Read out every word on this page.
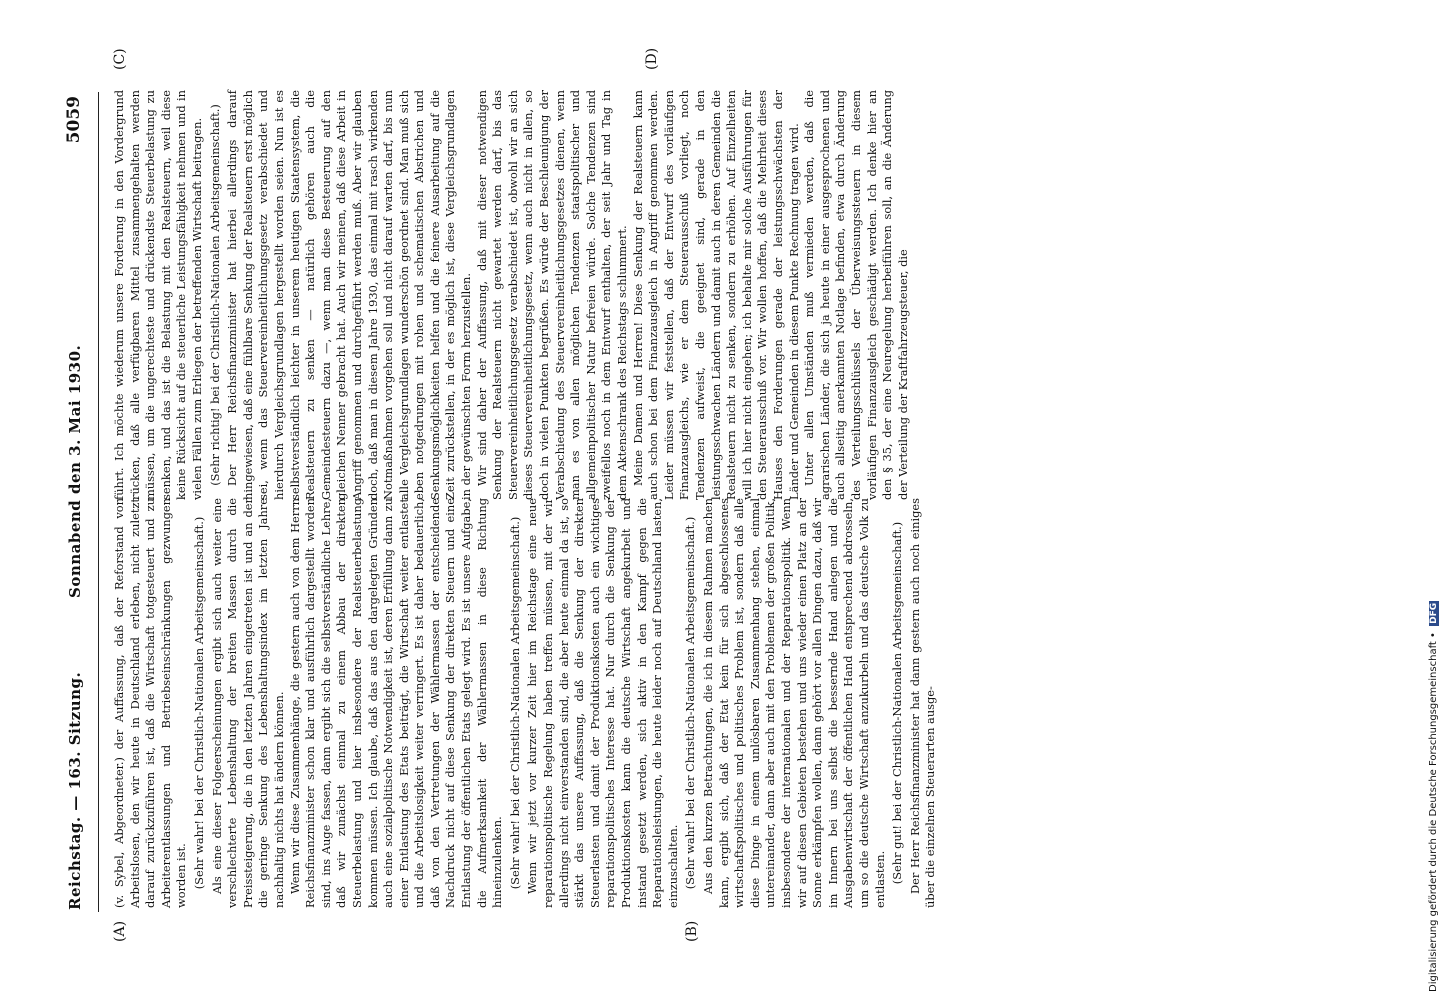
Reichstag. — 163. Sitzung.
Sonnabend den 3. Mai 1930.
5059
(A)	(B)
(C)	(D)

(v. Sybel, Abgeordneter.) der Auffassung, daß der Reforstand von Arbeitslosen, den wir heute in Deutschland erleben, nicht zuletzt darauf zurückzuführen ist, daß die Wirtschaft totgesteuert und zu Arbeiterentlassungen und Betriebseinschränkungen gezwungen worden ist. (Sehr wahr! bei der Christlich-Nationalen Arbeitsgemeinschaft.) Als eine dieser Folgeerscheinungen ergibt sich auch weiter eine verschlechterte Lebenshaltung der breiten Massen durch die Preissteigerung, die in den letzten Jahren eingetreten ist und an der die geringe Senkung des Lebenshaltungsindex im letzten Jahre nachhaltig nichts hat ändern können. Wenn wir diese Zusammenhänge, die gestern auch von dem Herrn Reichsfinanzminister schon klar und ausführlich dargestellt worden sind, ins Auge fassen, dann ergibt sich die selbstverständliche Lehre, daß wir zunächst einmal zu einem Abbau der direkten Steuerbelastung und hier insbesondere der Realsteuerbelastung kommen müssen. Ich glaube, daß das aus den dargelegten Gründen auch eine sozialpolitische Notwendigkeit ist, deren Erfüllung dann zu einer Entlastung des Etats beiträgt, die Wirtschaft weiter entlastet und die Arbeitslosigkeit weiter verringert. Es ist daher bedauerlich, daß von den Vertretungen der Wählermassen der entscheidende Nachdruck nicht auf diese Senkung der direkten Steuern und eine Entlastung der öffentlichen Etats gelegt wird. Es ist unsere Aufgabe, die Aufmerksamkeit der Wählermassen in diese Richtung hineinzulenken. (Sehr wahr! bei der Christlich-Nationalen Arbeitsgemeinschaft.) Wenn wir jetzt vor kurzer Zeit hier im Reichstage eine neue reparationspolitische Regelung haben treffen müssen, mit der wir allerdings nicht einverstanden sind, die aber heute einmal da ist, so stärkt das unsere Auffassung, daß die Senkung der direkten Steuerlasten und damit der Produktionskosten auch ein wichtiges reparationspolitisches Interesse hat. Nur durch die Senkung der Produktionskosten kann die deutsche Wirtschaft angekurbelt und instand gesetzt werden, sich aktiv in den Kampf gegen die Reparationsleistungen, die heute leider noch auf Deutschland lasten, einzuschalten. (Sehr wahr! bei der Christlich-Nationalen Arbeitsgemeinschaft.) Aus den kurzen Betrachtungen, die ich in diesem Rahmen machen kann, ergibt sich, daß der Etat kein für sich abgeschlossenes wirtschaftspolitisches und politisches Problem ist, sondern daß alle diese Dinge in einem unlösbaren Zusammenhang stehen, einmal untereinander, dann aber auch mit den Problemen der großen Politik, insbesondere der internationalen und der Reparationspolitik. Wenn wir auf diesen Gebieten bestehen und uns wieder einen Platz an der Sonne erkämpfen wollen, dann gehört vor allen Dingen dazu, daß wir im Innern bei uns selbst die bessernde Hand anlegen und die Ausgabenwirtschaft der öffentlichen Hand entsprechend abdrosseln, um so die deutsche Wirtschaft anzukurbeln und das deutsche Volk zu entlasten. (Sehr gut! bei der Christlich-Nationalen Arbeitsgemeinschaft.) Der Herr Reichsfinanzminister hat dann gestern auch noch einiges über die einzelnen Steuerarten ausge-

führt. Ich möchte wiederum unsere Forderung in den Vordergrund rücken, daß alle verfügbaren Mittel zusammengehalten werden müssen, um die ungerechteste und drückendste Steuerbelastung zu senken, und das ist die Belastung mit den Realsteuern, weil diese keine Rücksicht auf die steuerliche Leistungsfähigkeit nehmen und in vielen Fällen zum Erliegen der betreffenden Wirtschaft beitragen. (Sehr richtig! bei der Christlich-Nationalen Arbeitsgemeinschaft.) Der Herr Reichsfinanzminister hat hierbei allerdings darauf hingewiesen, daß eine fühlbare Senkung der Realsteuern erst möglich sei, wenn das Steuervereinheitlichungsgesetz verabschiedet und hierdurch Vergleichsgrundlagen hergestellt worden seien. Nun ist es selbstverständlich leichter in unserem heutigen Staatensystem, die Realsteuern zu senken — natürlich gehören auch die Gemeindesteuern dazu —, wenn man diese Besteuerung auf den gleichen Nenner gebracht hat. Auch wir meinen, daß diese Arbeit in Angriff genommen und durchgeführt werden muß. Aber wir glauben doch, daß man in diesem Jahre 1930, das einmal mit rasch wirkenden Notmaßnahmen vorgehen soll und nicht darauf warten darf, bis nun alle Vergleichsgrundlagen wunderschön geordnet sind. Man muß sich eben notgedrungen mit rohen und schematischen Abstrichen und Senkungsmöglichkeiten helfen und die feinere Ausarbeitung auf die Zeit zurückstellen, in der es möglich ist, diese Vergleichsgrundlagen in der gewünschten Form herzustellen. Wir sind daher der Auffassung, daß mit dieser notwendigen Senkung der Realsteuern nicht gewartet werden darf, bis das Steuervereinheitlichungsgesetz verabschiedet ist, obwohl wir an sich dieses Steuervereinheitlichungsgesetz, wenn auch nicht in allen, so doch in vielen Punkten begrüßen. Es würde der Beschleunigung der Verabschiedung des Steuervereinheitlichungsgesetzes dienen, wenn man es von allen möglichen Tendenzen staatspolitischer und allgemeinpolitischer Natur befreien würde. Solche Tendenzen sind zweifellos noch in dem Entwurf enthalten, der seit Jahr und Tag in dem Aktenschrank des Reichstags schlummert. Meine Damen und Herren! Diese Senkung der Realsteuern kann auch schon bei dem Finanzausgleich in Angriff genommen werden. Leider müssen wir feststellen, daß der Entwurf des vorläufigen Finanzausgleichs, wie er dem Steuerausschuß vorliegt, noch Tendenzen aufweist, die geeignet sind, gerade in den leistungsschwachen Ländern und damit auch in deren Gemeinden die Realsteuern nicht zu senken, sondern zu erhöhen. Auf Einzelheiten will ich hier nicht eingehen; ich behalte mir solche Ausführungen für den Steuerausschuß vor. Wir wollen hoffen, daß die Mehrheit dieses Hauses den Forderungen gerade der leistungsschwächsten der Länder und Gemeinden in diesem Punkte Rechnung tragen wird. Unter allen Umständen muß vermieden werden, daß die agrarischen Länder, die sich ja heute in einer ausgesprochenen und auch allseitig anerkannten Notlage befinden, etwa durch Änderung des Verteilungsschlüssels der Überweisungssteuern in diesem vorläufigen Finanzausgleich geschädigt werden. Ich denke hier an den § 35, der eine Neuregelung herbeiführen soll, an die Änderung der Verteilung der Kraftfahrzeugsteuer, die

Digitalisierung gefördert durch die Deutsche Forschungsgemeinschaft • DFG
